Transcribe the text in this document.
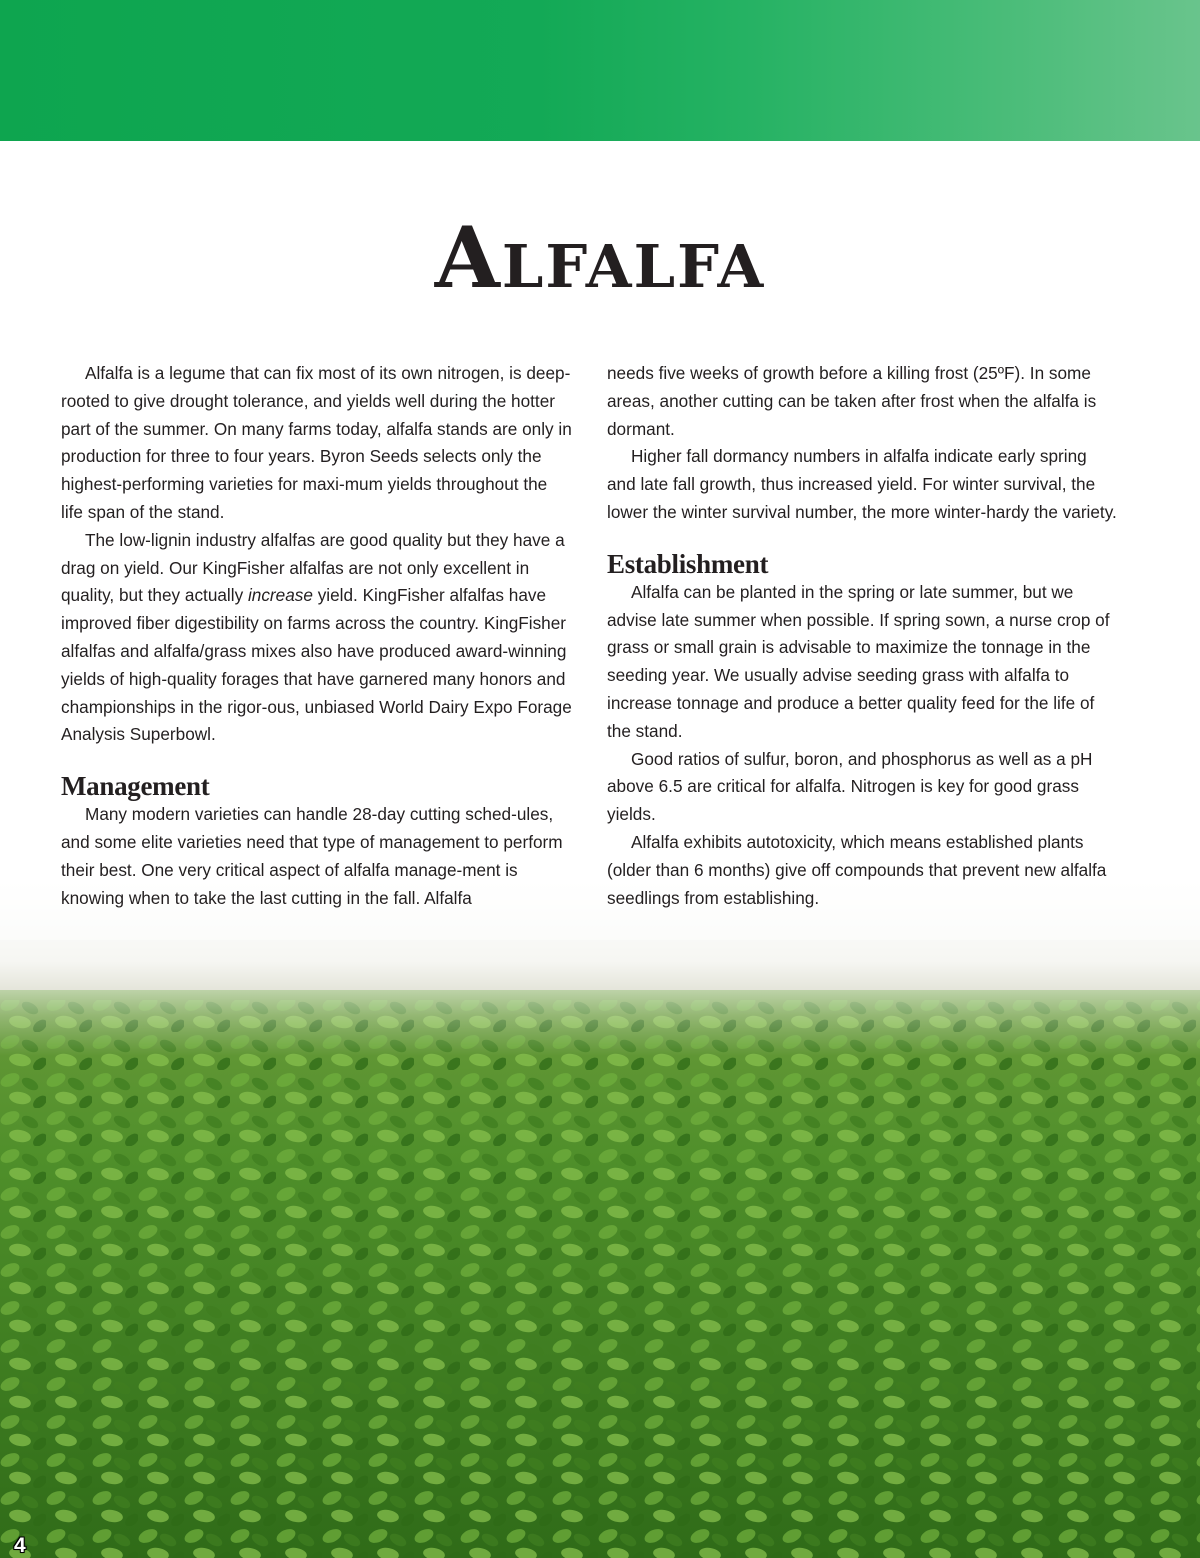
Alfalfa

Alfalfa is a legume that can fix most of its own nitrogen, is deep-rooted to give drought tolerance, and yields well during the hotter part of the summer. On many farms today, alfalfa stands are only in production for three to four years. Byron Seeds selects only the highest-performing varieties for maxi-mum yields throughout the life span of the stand.

The low-lignin industry alfalfas are good quality but they have a drag on yield. Our KingFisher alfalfas are not only excellent in quality, but they actually increase yield. KingFisher alfalfas have improved fiber digestibility on farms across the country. KingFisher alfalfas and alfalfa/grass mixes also have produced award-winning yields of high-quality forages that have garnered many honors and championships in the rigor-ous, unbiased World Dairy Expo Forage Analysis Superbowl.

Management

Many modern varieties can handle 28-day cutting sched-ules, and some elite varieties need that type of management to perform their best. One very critical aspect of alfalfa manage-ment is knowing when to take the last cutting in the fall. Alfalfa

needs five weeks of growth before a killing frost (25ºF). In some areas, another cutting can be taken after frost when the alfalfa is dormant.

Higher fall dormancy numbers in alfalfa indicate early spring and late fall growth, thus increased yield. For winter survival, the lower the winter survival number, the more winter-hardy the variety.

Establishment

Alfalfa can be planted in the spring or late summer, but we advise late summer when possible. If spring sown, a nurse crop of grass or small grain is advisable to maximize the tonnage in the seeding year. We usually advise seeding grass with alfalfa to increase tonnage and produce a better quality feed for the life of the stand.

Good ratios of sulfur, boron, and phosphorus as well as a pH above 6.5 are critical for alfalfa. Nitrogen is key for good grass yields.

Alfalfa exhibits autotoxicity, which means established plants (older than 6 months) give off compounds that prevent new alfalfa seedlings from establishing.

4
